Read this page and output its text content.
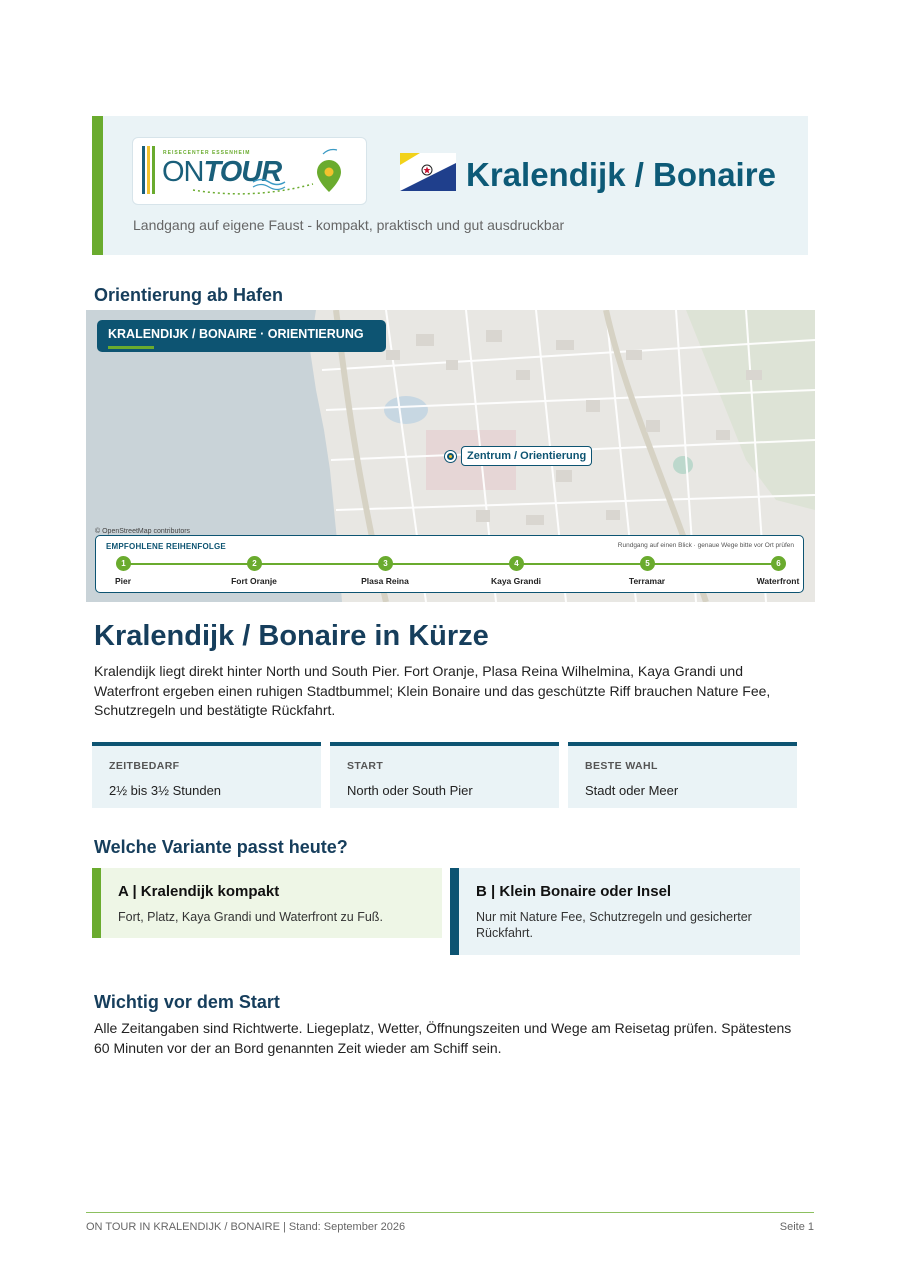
REISECENTER ESSENHEIM
ONTOUR	Kralendijk / Bonaire
Landgang auf eigene Faust - kompakt, praktisch und gut ausdruckbar
Orientierung ab Hafen
KRALENDIJK / BONAIRE · ORIENTIERUNG
Zentrum / Orientierung
© OpenStreetMap contributors
EMPFOHLENE REIHENFOLGE	Rundgang auf einen Blick · genaue Wege bitte vor Ort prüfen
1
Pier
2
Fort Oranje
3
Plasa Reina
4
Kaya Grandi
5
Terramar
6
Waterfront
Kralendijk / Bonaire in Kürze
Kralendijk liegt direkt hinter North und South Pier. Fort Oranje, Plasa Reina Wilhelmina, Kaya Grandi und Waterfront ergeben einen ruhigen Stadtbummel; Klein Bonaire und das geschützte Riff brauchen Nature Fee, Schutzregeln und bestätigte Rückfahrt.
ZEITBEDARF
2½ bis 3½ Stunden
START
North oder South Pier
BESTE WAHL
Stadt oder Meer
Welche Variante passt heute?
A | Kralendijk kompakt
Fort, Platz, Kaya Grandi und Waterfront zu Fuß.
B | Klein Bonaire oder Insel
Nur mit Nature Fee, Schutzregeln und gesicherter Rückfahrt.
Wichtig vor dem Start
Alle Zeitangaben sind Richtwerte. Liegeplatz, Wetter, Öffnungszeiten und Wege am Reisetag prüfen. Spätestens 60 Minuten vor der an Bord genannten Zeit wieder am Schiff sein.
ON TOUR IN KRALENDIJK / BONAIRE | Stand: September 2026	Seite 1
